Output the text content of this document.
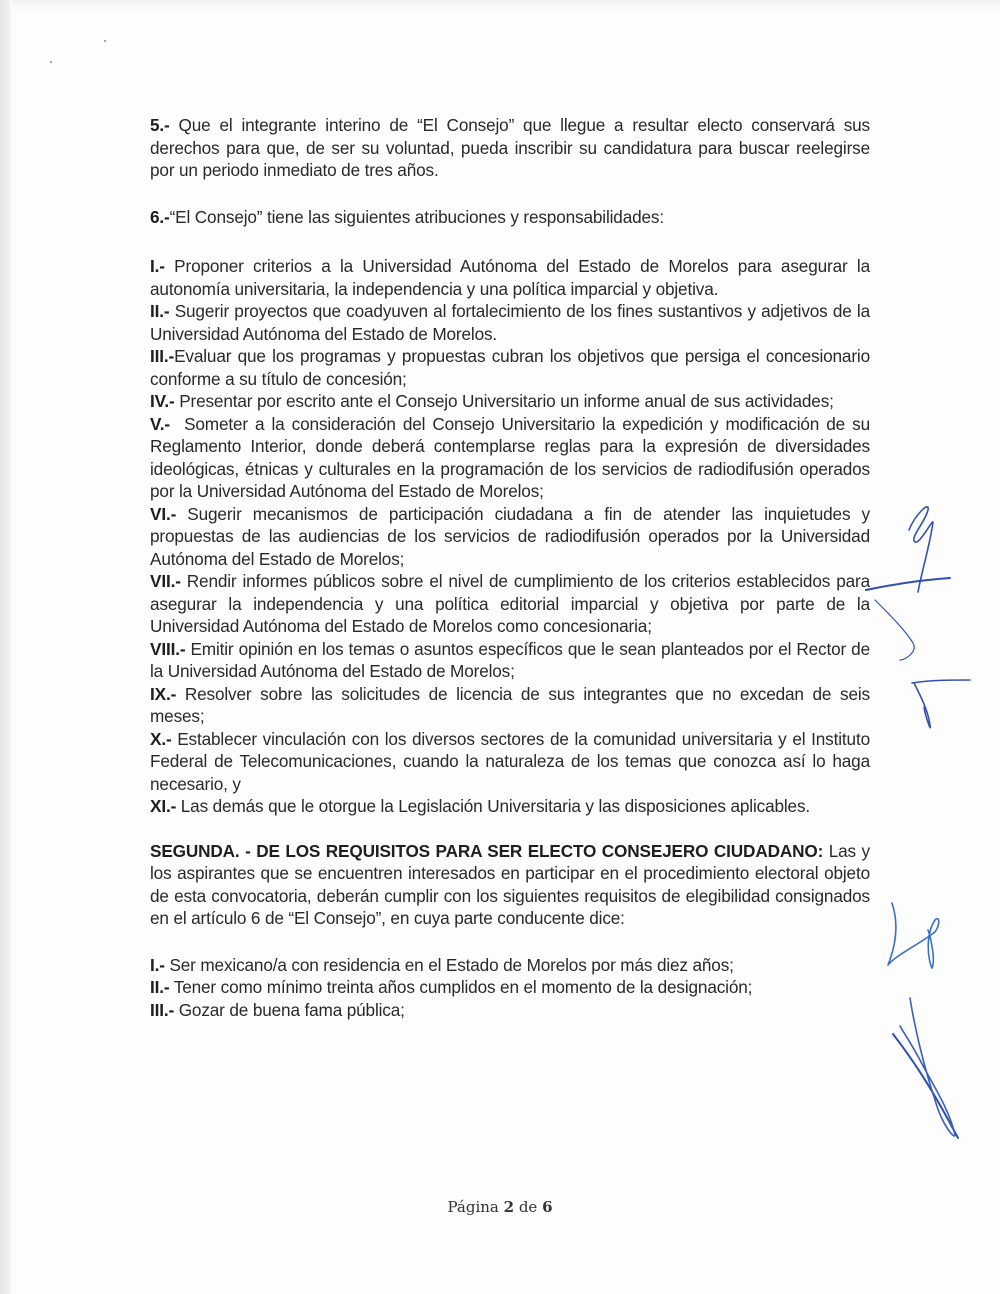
5.- Que el integrante interino de “El Consejo” que llegue a resultar electo conservará sus derechos para que, de ser su voluntad, pueda inscribir su candidatura para buscar reelegirse por un periodo inmediato de tres años.

6.-“El Consejo” tiene las siguientes atribuciones y responsabilidades:

I.- Proponer criterios a la Universidad Autónoma del Estado de Morelos para asegurar la autonomía universitaria, la independencia y una política imparcial y objetiva.

II.- Sugerir proyectos que coadyuven al fortalecimiento de los fines sustantivos y adjetivos de la Universidad Autónoma del Estado de Morelos.

III.-Evaluar que los programas y propuestas cubran los objetivos que persiga el concesionario conforme a su título de concesión;

IV.- Presentar por escrito ante el Consejo Universitario un informe anual de sus actividades;

V.-  Someter a la consideración del Consejo Universitario la expedición y modificación de su Reglamento Interior, donde deberá contemplarse reglas para la expresión de diversidades ideológicas, étnicas y culturales en la programación de los servicios de radiodifusión operados por la Universidad Autónoma del Estado de Morelos;

VI.- Sugerir mecanismos de participación ciudadana a fin de atender las inquietudes y propuestas de las audiencias de los servicios de radiodifusión operados por la Universidad Autónoma del Estado de Morelos;

VII.- Rendir informes públicos sobre el nivel de cumplimiento de los criterios establecidos para asegurar la independencia y una política editorial imparcial y objetiva por parte de la Universidad Autónoma del Estado de Morelos como concesionaria;

VIII.- Emitir opinión en los temas o asuntos específicos que le sean planteados por el Rector de la Universidad Autónoma del Estado de Morelos;

IX.- Resolver sobre las solicitudes de licencia de sus integrantes que no excedan de seis meses;

X.- Establecer vinculación con los diversos sectores de la comunidad universitaria y el Instituto Federal de Telecomunicaciones, cuando la naturaleza de los temas que conozca así lo haga necesario, y

XI.- Las demás que le otorgue la Legislación Universitaria y las disposiciones aplicables.

SEGUNDA. - DE LOS REQUISITOS PARA SER ELECTO CONSEJERO CIUDADANO: Las y los aspirantes que se encuentren interesados en participar en el procedimiento electoral objeto de esta convocatoria, deberán cumplir con los siguientes requisitos de elegibilidad consignados en el artículo 6 de “El Consejo”, en cuya parte conducente dice:

I.- Ser mexicano/a con residencia en el Estado de Morelos por más diez años;

II.- Tener como mínimo treinta años cumplidos en el momento de la designación;

III.- Gozar de buena fama pública;

Página 2 de 6
